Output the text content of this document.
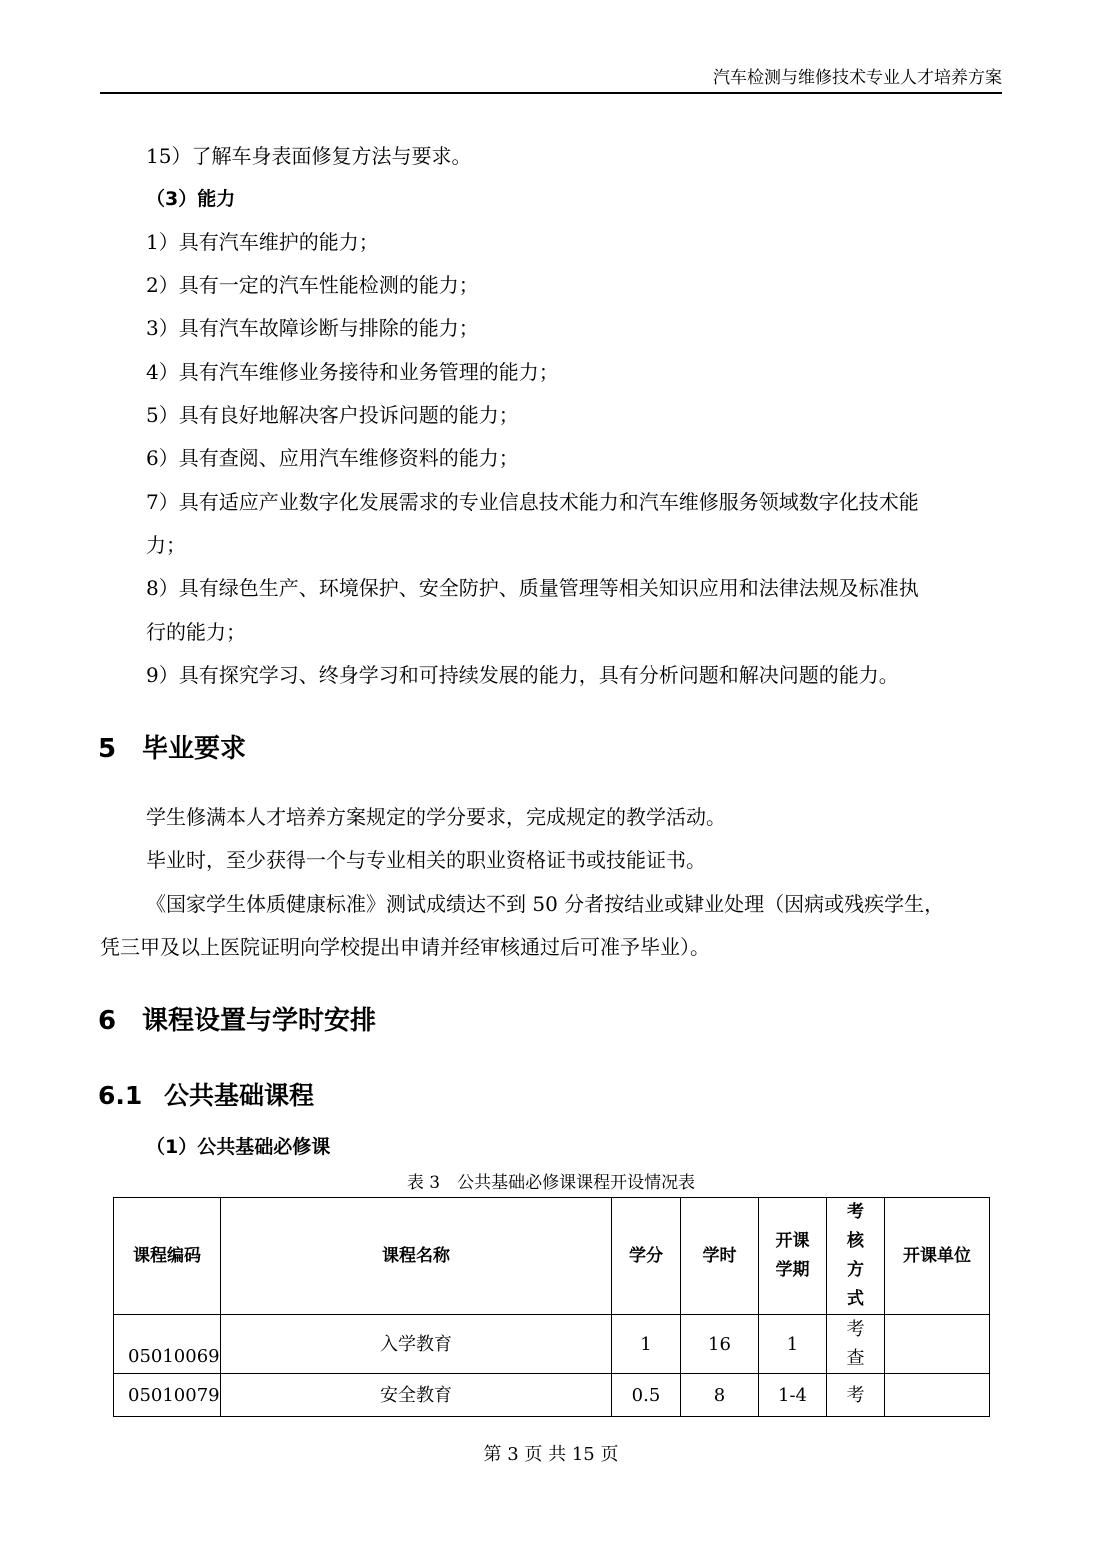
汽车检测与维修技术专业人才培养方案
15）了解车身表面修复方法与要求。
（3）能力
1）具有汽车维护的能力；
2）具有一定的汽车性能检测的能力；
3）具有汽车故障诊断与排除的能力；
4）具有汽车维修业务接待和业务管理的能力；
5）具有良好地解决客户投诉问题的能力；
6）具有查阅、应用汽车维修资料的能力；
7）具有适应产业数字化发展需求的专业信息技术能力和汽车维修服务领域数字化技术能
力；
8）具有绿色生产、环境保护、安全防护、质量管理等相关知识应用和法律法规及标准执
行的能力；
9）具有探究学习、终身学习和可持续发展的能力，具有分析问题和解决问题的能力。
5 毕业要求
学生修满本人才培养方案规定的学分要求，完成规定的教学活动。
毕业时，至少获得一个与专业相关的职业资格证书或技能证书。
《国家学生体质健康标准》测试成绩达不到 50 分者按结业或肄业处理（因病或残疾学生，
凭三甲及以上医院证明向学校提出申请并经审核通过后可准予毕业）。
6 课程设置与学时安排
6.1 公共基础课程
（1）公共基础必修课
表 3　公共基础必修课课程开设情况表
课程编码	课程名称	学分	学时	开课学期	考核方式	开课单位
05010069	入学教育	1	16	1	考查	
05010079	安全教育	0.5	8	1-4	考	
第 3 页 共 15 页
